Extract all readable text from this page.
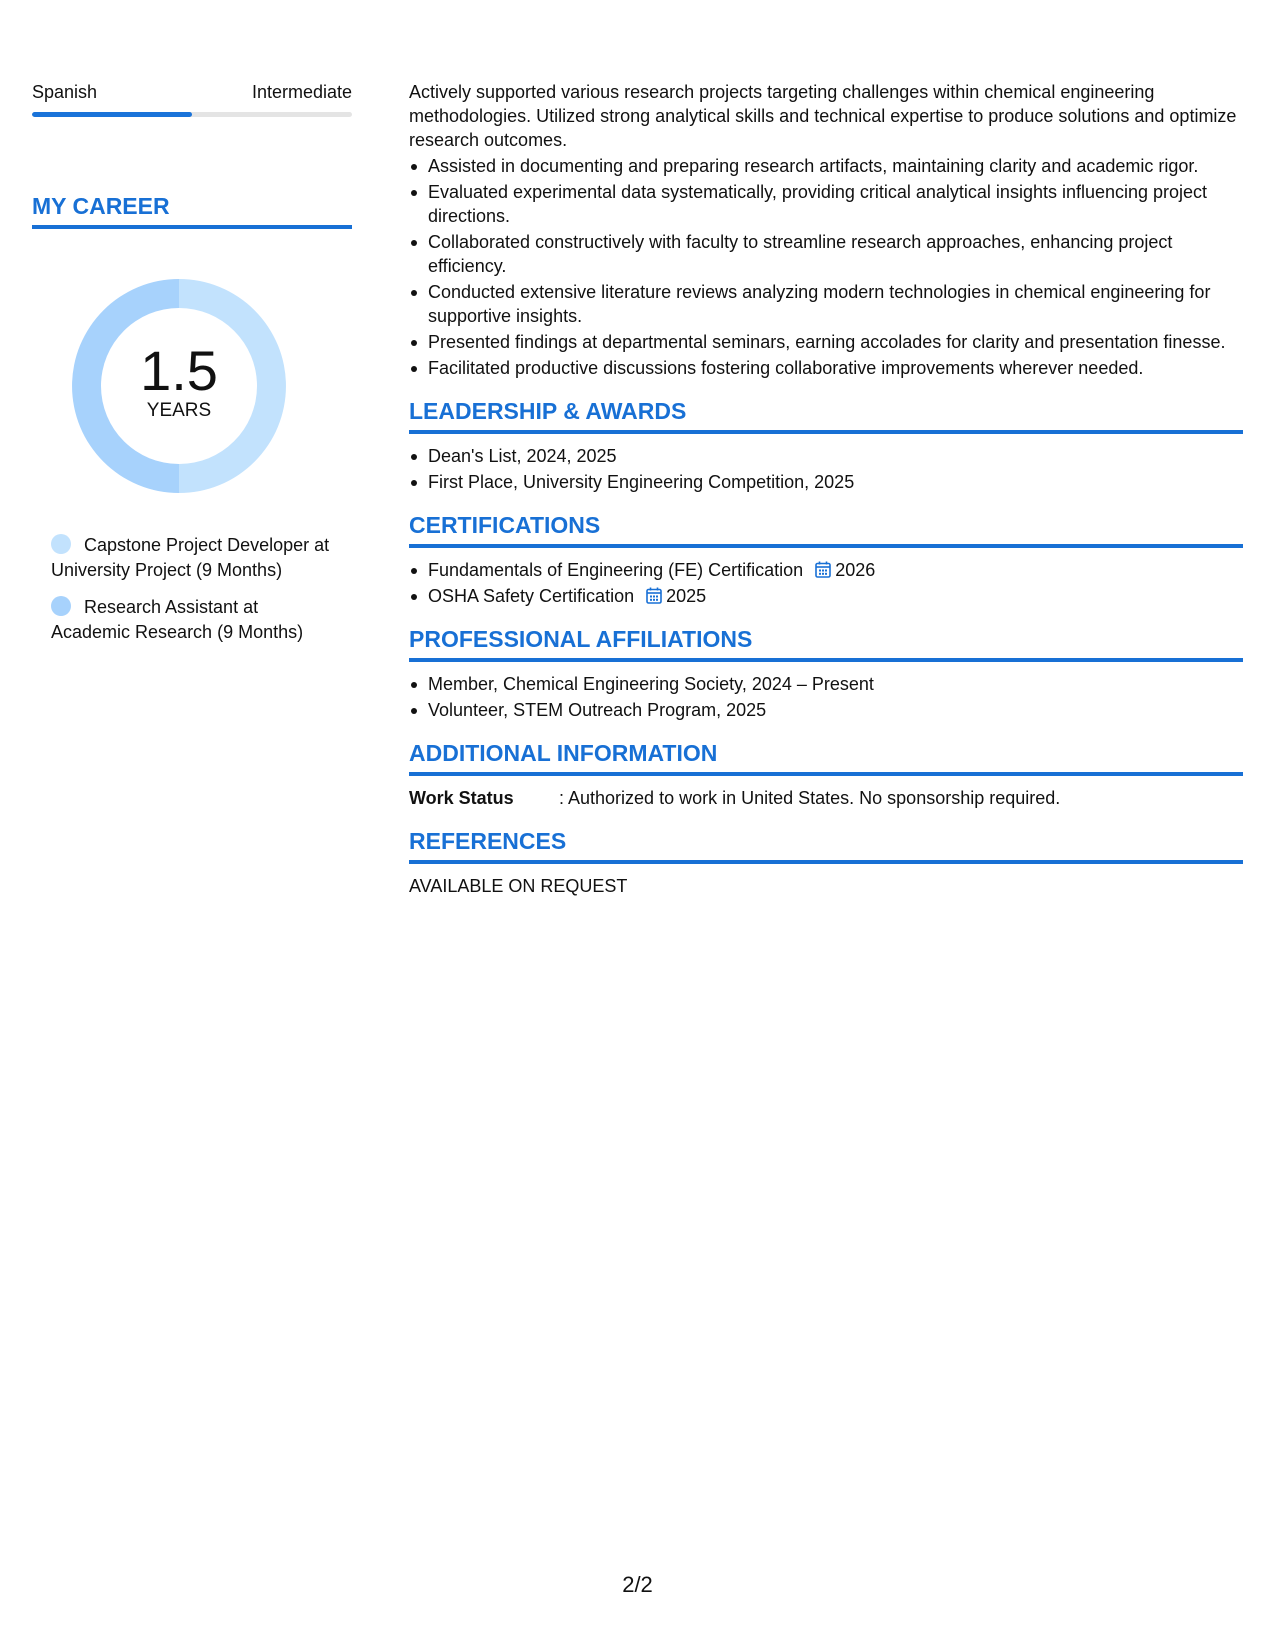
Spanish	Intermediate
MY CAREER
1.5
YEARS
Capstone Project Developer at University Project (9 Months)
Research Assistant at Academic Research (9 Months)

Actively supported various research projects targeting challenges within chemical engineering methodologies. Utilized strong analytical skills and technical expertise to produce solutions and optimize research outcomes.

Assisted in documenting and preparing research artifacts, maintaining clarity and academic rigor.
Evaluated experimental data systematically, providing critical analytical insights influencing project directions.
Collaborated constructively with faculty to streamline research approaches, enhancing project efficiency.
Conducted extensive literature reviews analyzing modern technologies in chemical engineering for supportive insights.
Presented findings at departmental seminars, earning accolades for clarity and presentation finesse.
Facilitated productive discussions fostering collaborative improvements wherever needed.
LEADERSHIP & AWARDS
Dean's List, 2024, 2025
First Place, University Engineering Competition, 2025
CERTIFICATIONS
Fundamentals of Engineering (FE) Certification 2026
OSHA Safety Certification 2025
PROFESSIONAL AFFILIATIONS
Member, Chemical Engineering Society, 2024 – Present
Volunteer, STEM Outreach Program, 2025
ADDITIONAL INFORMATION
Work Status	: Authorized to work in United States. No sponsorship required.
REFERENCES
AVAILABLE ON REQUEST
2/2
